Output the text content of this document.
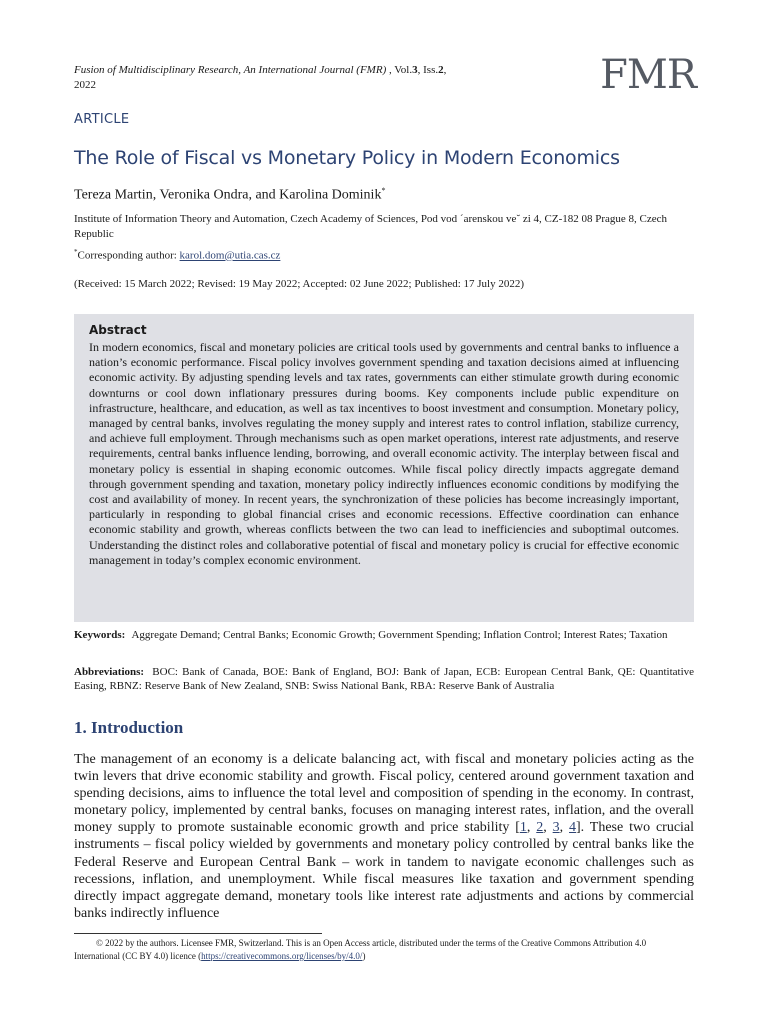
Fusion of Multidisciplinary Research, An International Journal (FMR) , Vol.3, Iss.2,
2022	FMR
ARTICLE
The Role of Fiscal vs Monetary Policy in Modern Economics
Tereza Martin, Veronika Ondra, and Karolina Dominik*
Institute of Information Theory and Automation, Czech Academy of Sciences, Pod vod ´arenskou ve˘ zi 4, CZ-182 08 Prague 8, Czech Republic
*Corresponding author: karol.dom@utia.cas.cz
(Received: 15 March 2022; Revised: 19 May 2022; Accepted: 02 June 2022; Published: 17 July 2022)
Abstract

In modern economics, fiscal and monetary policies are critical tools used by governments and central banks to influence a nation’s economic performance. Fiscal policy involves government spending and taxation decisions aimed at influencing economic activity. By adjusting spending levels and tax rates, governments can either stimulate growth during economic downturns or cool down inflationary pressures during booms. Key components include public expenditure on infrastructure, healthcare, and education, as well as tax incentives to boost investment and consumption. Monetary policy, managed by central banks, involves regulating the money supply and interest rates to control inflation, stabilize currency, and achieve full employment. Through mechanisms such as open market operations, interest rate adjustments, and reserve requirements, central banks influence lending, borrowing, and overall economic activity. The interplay between fiscal and monetary policy is essential in shaping economic outcomes. While fiscal policy directly impacts aggregate demand through government spending and taxation, monetary policy indirectly influences economic conditions by modifying the cost and availability of money. In recent years, the synchronization of these policies has become increasingly important, particularly in responding to global financial crises and economic recessions. Effective coordination can enhance economic stability and growth, whereas conflicts between the two can lead to inefficiencies and suboptimal outcomes. Understanding the distinct roles and collaborative potential of fiscal and monetary policy is crucial for effective economic management in today’s complex economic environment.

Keywords: Aggregate Demand; Central Banks; Economic Growth; Government Spending; Inflation Control; Interest Rates; Taxation
Abbreviations: BOC: Bank of Canada, BOE: Bank of England, BOJ: Bank of Japan, ECB: European Central Bank, QE: Quantitative Easing, RBNZ: Reserve Bank of New Zealand, SNB: Swiss National Bank, RBA: Reserve Bank of Australia
1. Introduction

The management of an economy is a delicate balancing act, with fiscal and monetary policies acting as the twin levers that drive economic stability and growth. Fiscal policy, centered around government taxation and spending decisions, aims to influence the total level and composition of spending in the economy. In contrast, monetary policy, implemented by central banks, focuses on managing interest rates, inflation, and the overall money supply to promote sustainable economic growth and price stability [1, 2, 3, 4]. These two crucial instruments – fiscal policy wielded by governments and monetary policy controlled by central banks like the Federal Reserve and European Central Bank – work in tandem to navigate economic challenges such as recessions, inflation, and unemployment. While fiscal measures like taxation and government spending directly impact aggregate demand, monetary tools like interest rate adjustments and actions by commercial banks indirectly influence

© 2022 by the authors. Licensee FMR, Switzerland. This is an Open Access article, distributed under the terms of the Creative Commons Attribution 4.0 International (CC BY 4.0) licence (https://creativecommons.org/licenses/by/4.0/)
